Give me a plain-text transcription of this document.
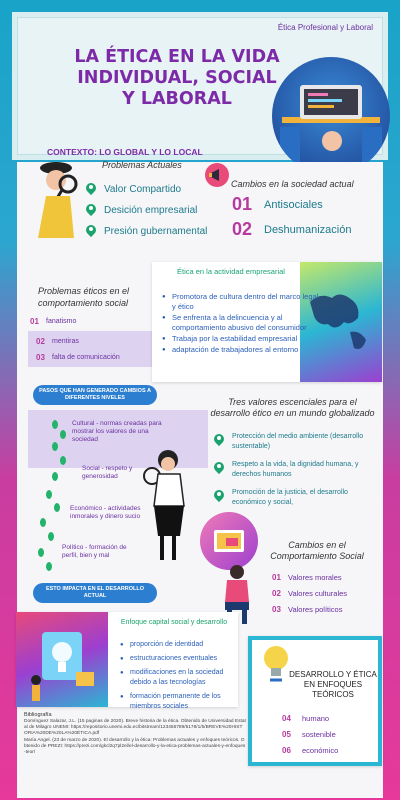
Ética Profesional y Laboral
LA ÉTICA EN LA VIDA INDIVIDUAL, SOCIAL Y LABORAL
CONTEXTO: LO GLOBAL Y LO LOCAL
Problemas Actuales
Valor Compartido
Desición empresarial
Presión gubernamental
Cambios en la sociedad actual
01	Antisociales
02	Deshumanización
Problemas éticos en el comportamiento social
01	fanatismo
02	mentiras
03	falta de comunicación
Ética en la actividad empresarial
● Promotora de cultura dentro del marco legal y ético
● Se enfrenta a la delincuencia y al comportamiento abusivo del consumidor
● Trabaja por la estabilidad empresarial
● adaptación de trabajadores al entorno
PASOS QUE HAN GENERADO CAMBIOS A DIFERENTES NIVELES
Cultural - normas creadas para mostrar los valores de una sociedad
Social - respeto y generosidad
Económico - actividades inmorales y dinero sucio
Político - formación de perfil, bien y mal
ESTO IMPACTA EN EL DESARROLLO ACTUAL
Tres valores escenciales para el desarrollo ético en un mundo globalizado
Protección del medio ambiente (desarrollo sustentable)
Respeto a la vida, la dignidad humana, y derechos humanos
Promoción de la justicia, el desarrollo económico y social,
Cambios en el Comportamiento Social
01 Valores morales
02 Valores culturales
03 Valores políticos
Enfoque capital social y desarrollo
● proporción de identidad
● estructuraciones eventuales
● modificaciones en la sociedad debido a las tecnologías
● formación permanente de los miembros sociales
DESARROLLO Y ÉTICA EN ENFOQUES TEÓRICOS
04	humano
05	sostenible
06	económico
Bibliografía
Domínguez Salazar, J.L. (15 paginas de 2020). Breve historia de la ética. Obtenido de Universidad Estatal de Milagro UNEMI: https://repositorio.unemi.edu.ec/bitstream/123456789/5178/1/5/BREVE%20HISTORIA%20DE%20LA%20ÉTICA.pdf
María Angel. (23 de marzo de 2020). El desarrollo y la ética: Problemas actuales y enfoques teóricos. Obtenido de PREZI: https://prezi.com/gkcl2q7pl2el/el-desarrollo-y-la-etica-problemas-actuales-y-enfoques-teor/
